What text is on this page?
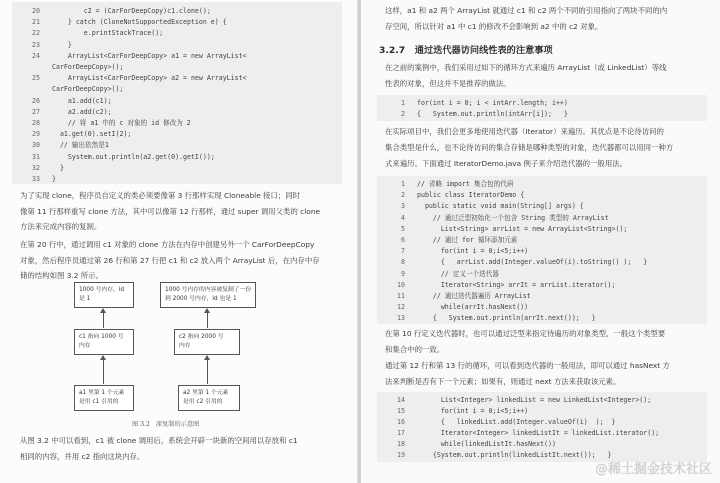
20 c2 = (CarForDeepCopy)c1.clone();
21 } catch (CloneNotSupportedException e) {
22 e.printStackTrace();
23 }
24 ArrayList<CarForDeepCopy> a1 = new ArrayList<
CarForDeepCopy>();
25 ArrayList<CarForDeepCopy> a2 = new ArrayList<
CarForDeepCopy>();
26 a1.add(c1);
27 a2.add(c2);
28 // 将 a1 中的 c 对象的 id 修改为 2
29 a1.get(0).setI(2);
30 // 输出依然是1
31 System.out.println(a2.get(0).getI());
32 }
33 }
为了实现 clone，程序员自定义的类必须要像第 3 行那样实现 Cloneable 接口；同时
像第 11 行那样重写 clone 方法，其中可以像第 12 行那样，通过 super 调用父类的 clone
方法来完成内容的复制。
在第 20 行中，通过调用 c1 对象的 clone 方法在内存中创建另外一个 CarForDeepCopy
对象，然后程序员通过第 26 行和第 27 行把 c1 和 c2 放入两个 ArrayList 后，在内存中存
储的结构如图 3.2 所示。
1000 号内存，id
是 1
1000 号内存的内容被复制了一份
到 2000 号内存，id 也是 1
c1 指向 1000 号
内存
c2 指向 2000 号
内存
a1 里第 1 个元素
是用 c1 引用的
a2 里第 1 个元素
是用 c2 引用的
图 3.2   深复制的示意图
从图 3.2 中可以看到，c1 被 clone 调用后，系统会开辟一块新的空间用以存放和 c1
相同的内容，并用 c2 指向这块内存。
这样，a1 和 a2 两个 ArrayList 就通过 c1 和 c2 两个不同的引用指向了两块不同的内
存空间，所以针对 a1 中 c1 的修改不会影响到 a2 中的 c2 对象。
3.2.7   通过迭代器访问线性表的注意事项
在之前的案例中，我们采用过如下的循环方式来遍历 ArrayList（或 LinkedList）等线
性表的对象，但这并不是推荐的做法。
1 for(int i = 0; i < intArr.length; i++)
2 {   System.out.println(intArr[i]);   }
在实际项目中，我们会更多地使用迭代器（Iterator）来遍历。其优点是不论待访问的
集合类型是什么，也不论待访问的集合存储是哪种类型的对象，迭代器都可以用同一种方
式来遍历。下面通过 IteratorDemo.java 例子来介绍迭代器的一般用法。
1 // 省略 import 集合包的代码
2 public class IteratorDemo {
3 public static void main(String[] args) {
4 // 通过泛型初始化一个包含 String 类型的 ArrayList
5 List<String> arrList = new ArrayList<String>();
6 // 通过 for 循环添加元素
7 for(int i = 0;i<5;i++)
8 {   arrList.add(Integer.valueOf(i).toString() );   }
9 // 定义一个迭代器
10 Iterator<String> arrIt = arrList.iterator();
11 // 通过迭代器遍历 ArrayList
12 while(arrIt.hasNext())
13 {   System.out.println(arrIt.next());   }
在第 10 行定义迭代器时，也可以通过泛型来指定待遍历的对象类型，一般这个类型要
和集合中的一致。
通过第 12 行和第 13 行的循环，可以看到迭代器的一般用法，即可以通过 hasNext 方
法来判断是否有下一个元素；如果有，则通过 next 方法来获取该元素。
14 List<Integer> linkedList = new LinkedList<Integer>();
15 for(int i = 0;i<5;i++)
16 {   linkedList.add(Integer.valueOf(i)  );  }
17 Iterator<Integer> linkedListIt = linkedList.iterator();
18 while(linkedListIt.hasNext())
19 {System.out.println(linkedListIt.next());   }
@稀土掘金技术社区
